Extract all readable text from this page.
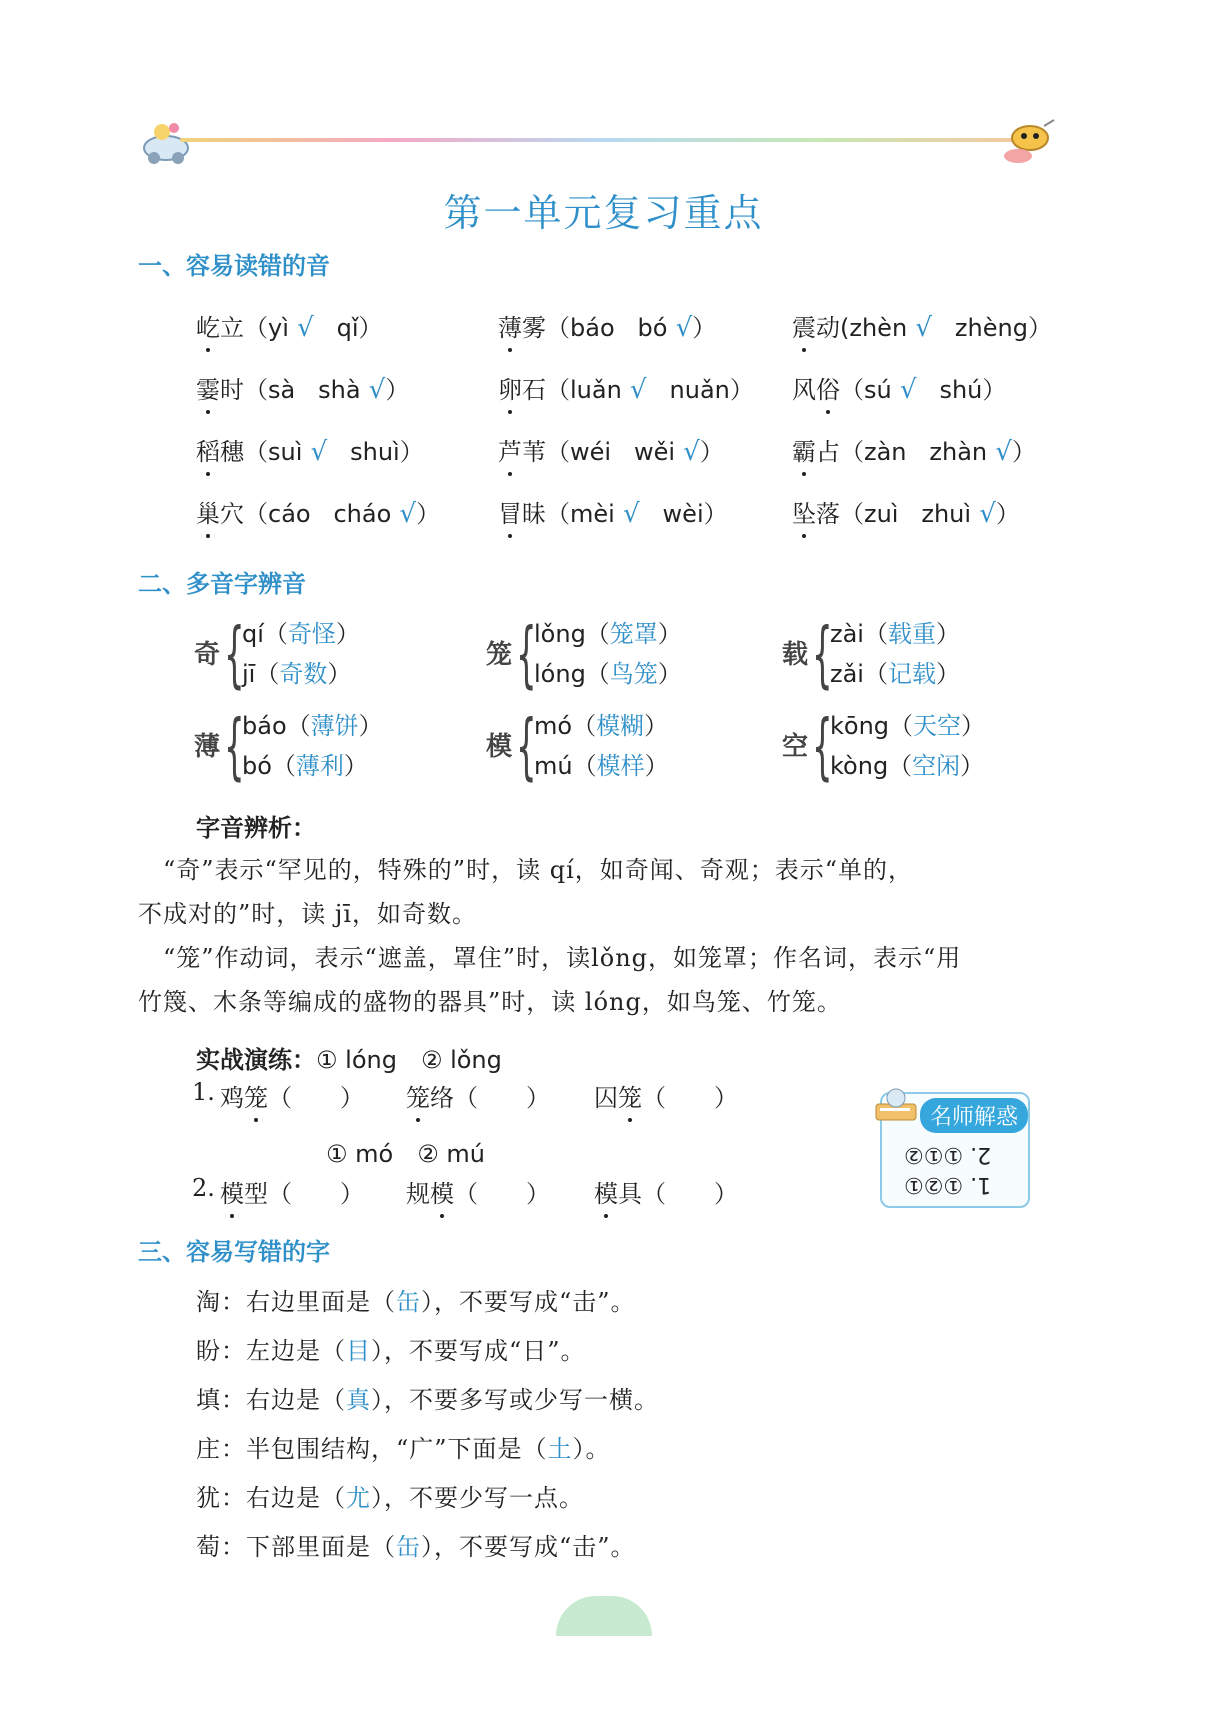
第一单元复习重点
一、容易读错的音
屹立（yì √ qǐ）	薄雾（báo bó √）	震动(zhèn √ zhèng）
霎时（sà shà √）	卵石（luǎn √ nuǎn） 风俗（sú √ shú）
稻穗（suì √ shuì）	芦苇（wéi wěi √）	霸占（zàn zhàn √）
巢穴（cáo cháo √） 冒昧（mèi √ wèi）	坠落（zuì zhuì √）
二、多音字辨音
奇 {
qí（奇怪）
jī（奇数）
笼 {
lǒng（笼罩）
lóng（鸟笼）
载 {
zài（载重）
zǎi（记载）
薄 {
báo（薄饼）
bó（薄利）
模 {
mó（模糊）
mú（模样）
空 {
kōng（天空）
kòng（空闲）
字音辨析：
　“奇”表示“罕见的，特殊的”时，读 qí，如奇闻、奇观；表示“单的，
不成对的”时，读 jī，如奇数。
　“笼”作动词，表示“遮盖，罩住”时，读lǒng，如笼罩；作名词，表示“用
竹篾、木条等编成的盛物的器具”时，读 lóng，如鸟笼、竹笼。
实战演练：① lóng　② lǒng
1. 鸡笼（　　） 笼络（　　） 囚笼（　　）
① mó　② mú
2. 模型（　　） 规模（　　） 模具（　　）
名师解惑
2. ①①②
1. ①②①
三、容易写错的字
淘：右边里面是（缶），不要写成“击”。
盼：左边是（目），不要写成“日”。
填：右边是（真），不要多写或少写一横。
庄：半包围结构，“广”下面是（土）。
犹：右边是（尤），不要少写一点。
萄：下部里面是（缶），不要写成“击”。
